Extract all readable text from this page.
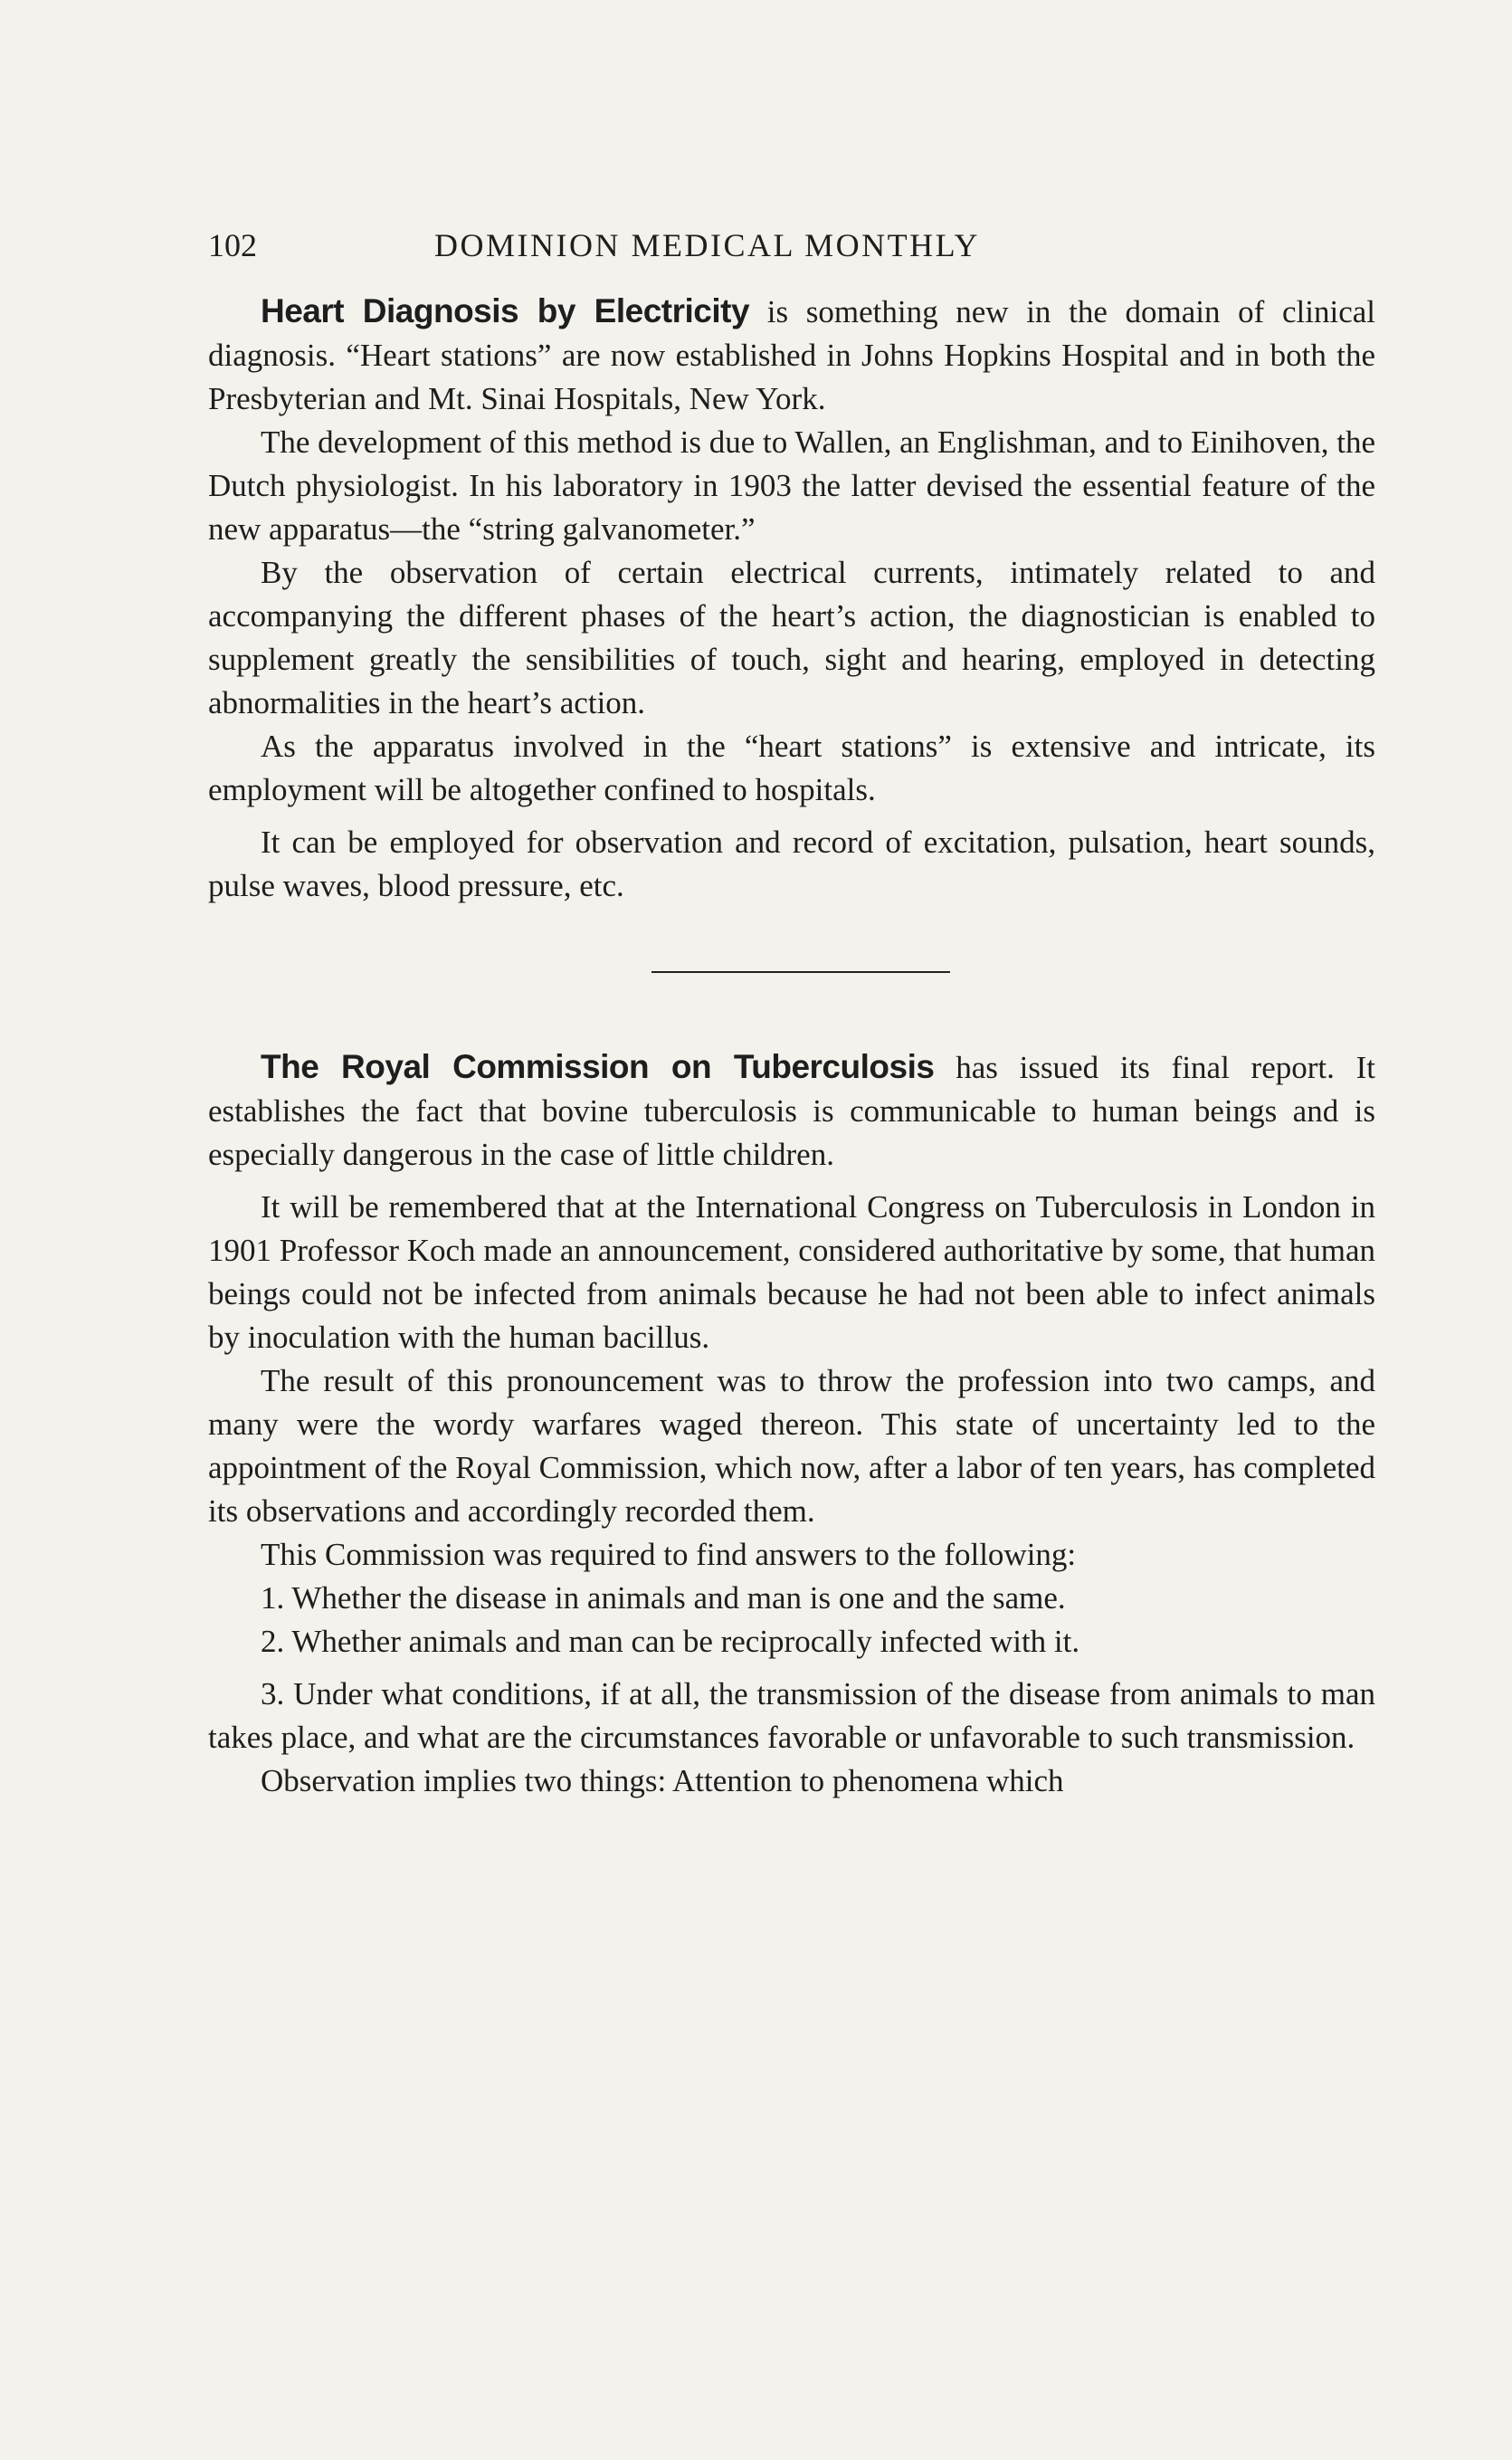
102	DOMINION MEDICAL MONTHLY

Heart Diagnosis by Electricity is something new in the domain of clinical diagnosis. “Heart stations” are now established in Johns Hopkins Hospital and in both the Presbyterian and Mt. Sinai Hospitals, New York.

The development of this method is due to Wallen, an Englishman, and to Einihoven, the Dutch physiologist. In his laboratory in 1903 the latter devised the essential feature of the new apparatus—the “string galvanometer.”

By the observation of certain electrical currents, intimately related to and accompanying the different phases of the heart’s action, the diagnostician is enabled to supplement greatly the sensibilities of touch, sight and hearing, employed in detecting abnormalities in the heart’s action.

As the apparatus involved in the “heart stations” is extensive and intricate, its employment will be altogether confined to hospitals.

It can be employed for observation and record of excitation, pulsation, heart sounds, pulse waves, blood pressure, etc.

The Royal Commission on Tuberculosis has issued its final report. It establishes the fact that bovine tuberculosis is communicable to human beings and is especially dangerous in the case of little children.

It will be remembered that at the International Congress on Tuberculosis in London in 1901 Professor Koch made an announcement, considered authoritative by some, that human beings could not be infected from animals because he had not been able to infect animals by inoculation with the human bacillus.

The result of this pronouncement was to throw the profession into two camps, and many were the wordy warfares waged thereon. This state of uncertainty led to the appointment of the Royal Commission, which now, after a labor of ten years, has completed its observations and accordingly recorded them.

This Commission was required to find answers to the following:

1. Whether the disease in animals and man is one and the same.

2. Whether animals and man can be reciprocally infected with it.

3. Under what conditions, if at all, the transmission of the disease from animals to man takes place, and what are the circumstances favorable or unfavorable to such transmission.

Observation implies two things: Attention to phenomena which
